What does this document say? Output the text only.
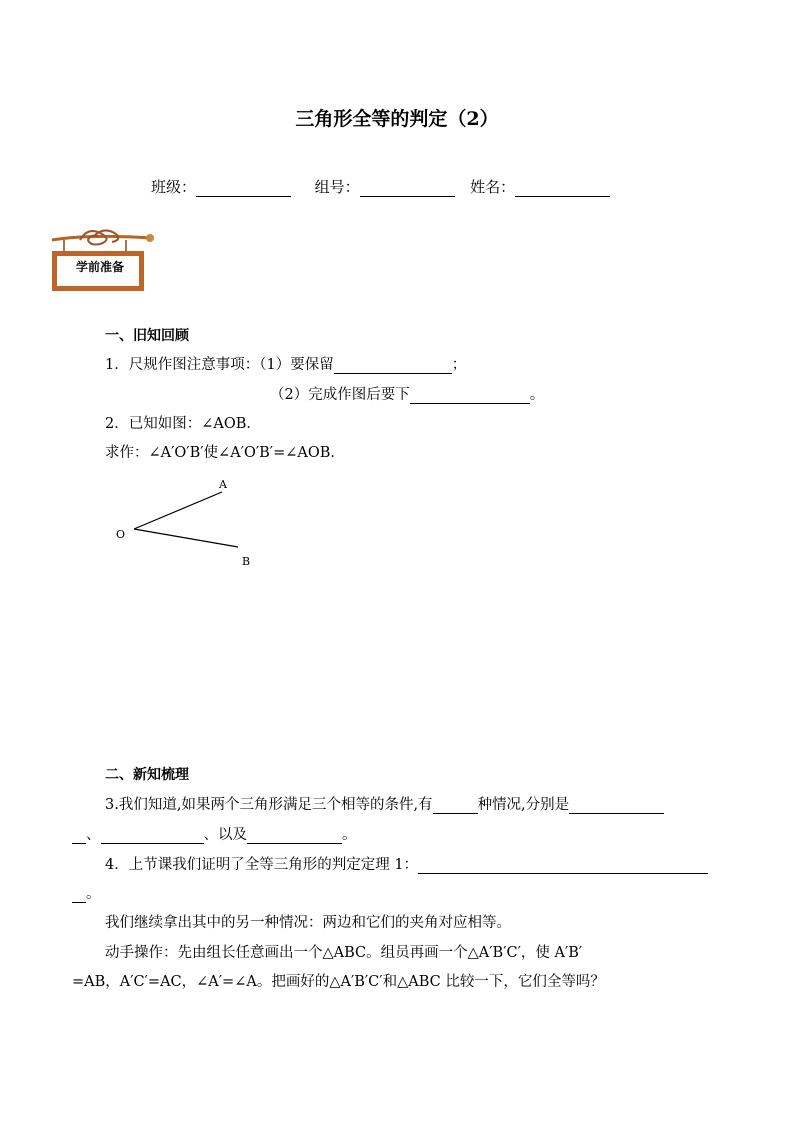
三角形全等的判定（2）
班级：	组号：	姓名：
学前准备
一、旧知回顾
1．尺规作图注意事项：（1）要保留	；
（2）完成作图后要下	。
2．已知如图：∠AOB．
求作：∠A′O′B′使∠A′O′B′=∠AOB．
O
A
B
二、新知梳理
3.我们知道,如果两个三角形满足三个相等的条件,有	种情况,分别是
、	、以及	。
4．上节课我们证明了全等三角形的判定定理 1：
。
我们继续拿出其中的另一种情况：两边和它们的夹角对应相等。
动手操作：先由组长任意画出一个△ABC。组员再画一个△A′B′C′，使 A′B′
=AB，A′C′=AC，∠A′=∠A。把画好的△A′B′C′和△ABC 比较一下，它们全等吗？
